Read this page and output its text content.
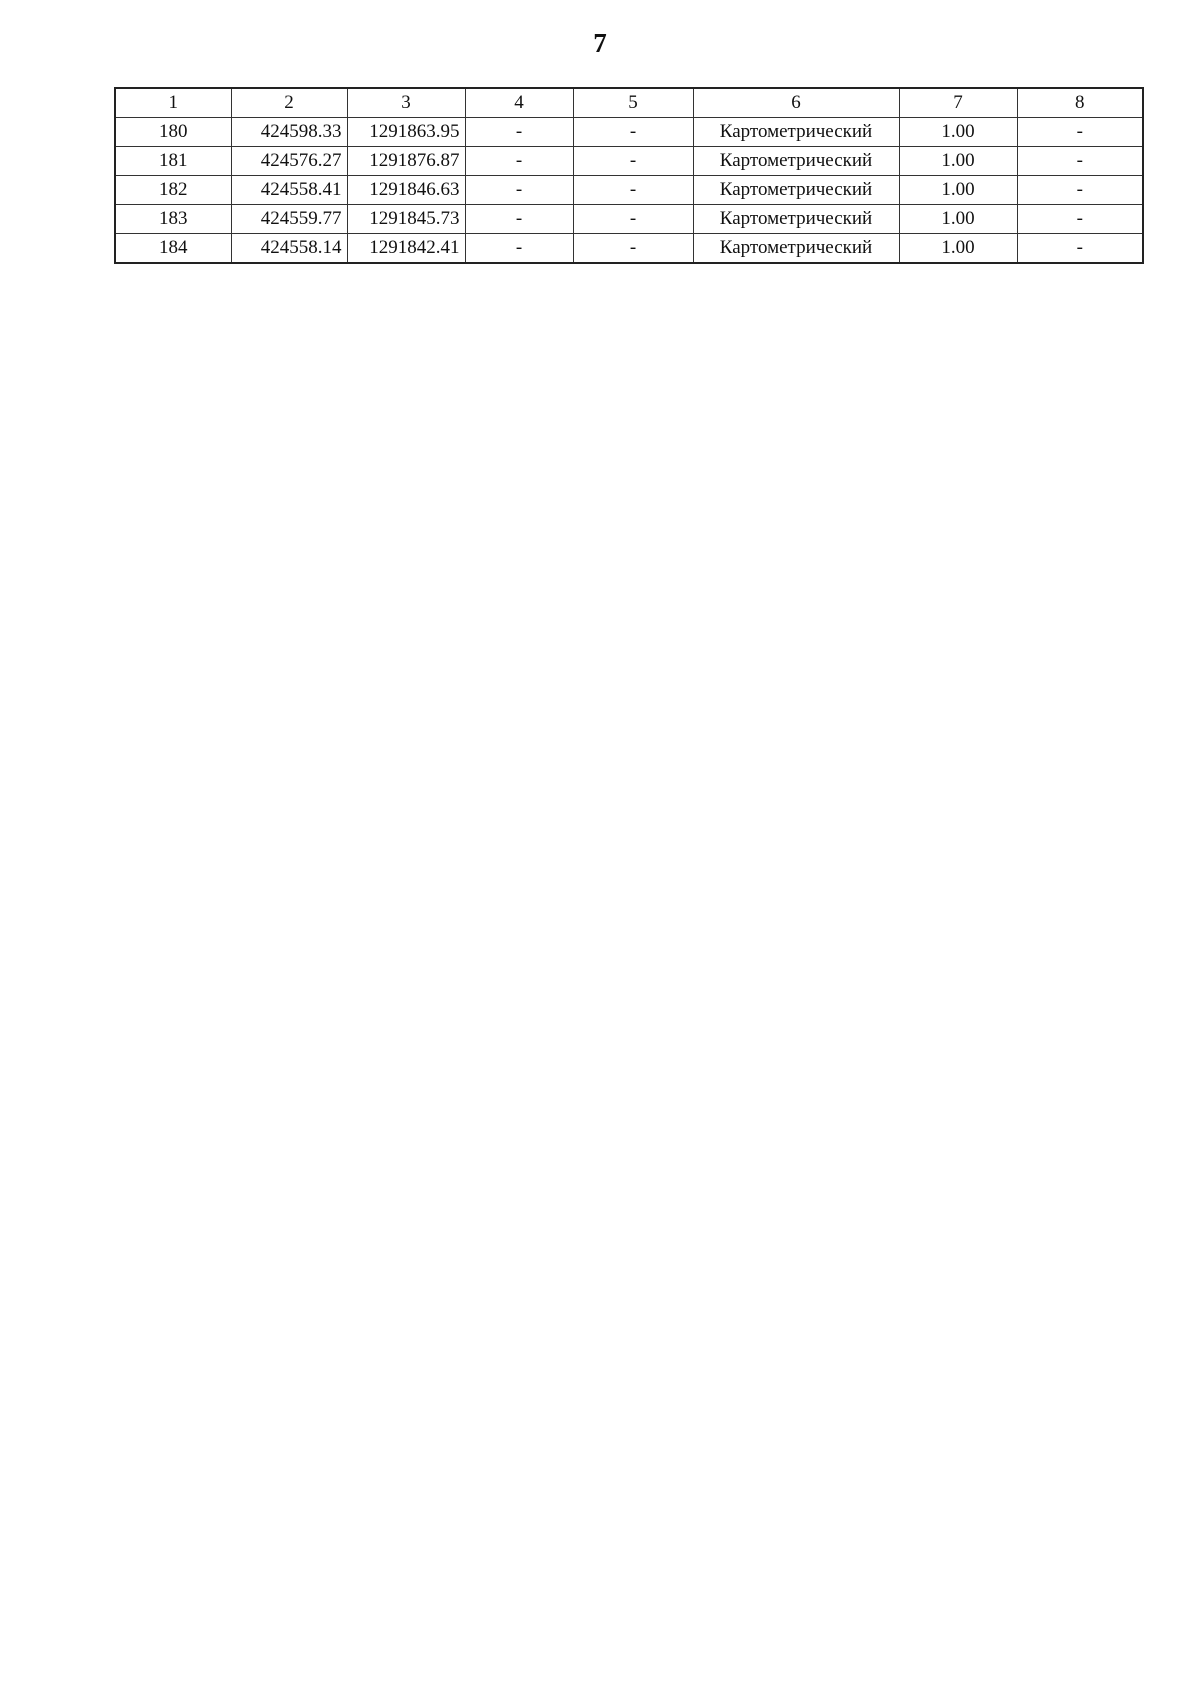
7
1	2	3	4	5	6	7	8
180	424598.33	1291863.95	-	-	Картометрический	1.00	-
181	424576.27	1291876.87	-	-	Картометрический	1.00	-
182	424558.41	1291846.63	-	-	Картометрический	1.00	-
183	424559.77	1291845.73	-	-	Картометрический	1.00	-
184	424558.14	1291842.41	-	-	Картометрический	1.00	-
